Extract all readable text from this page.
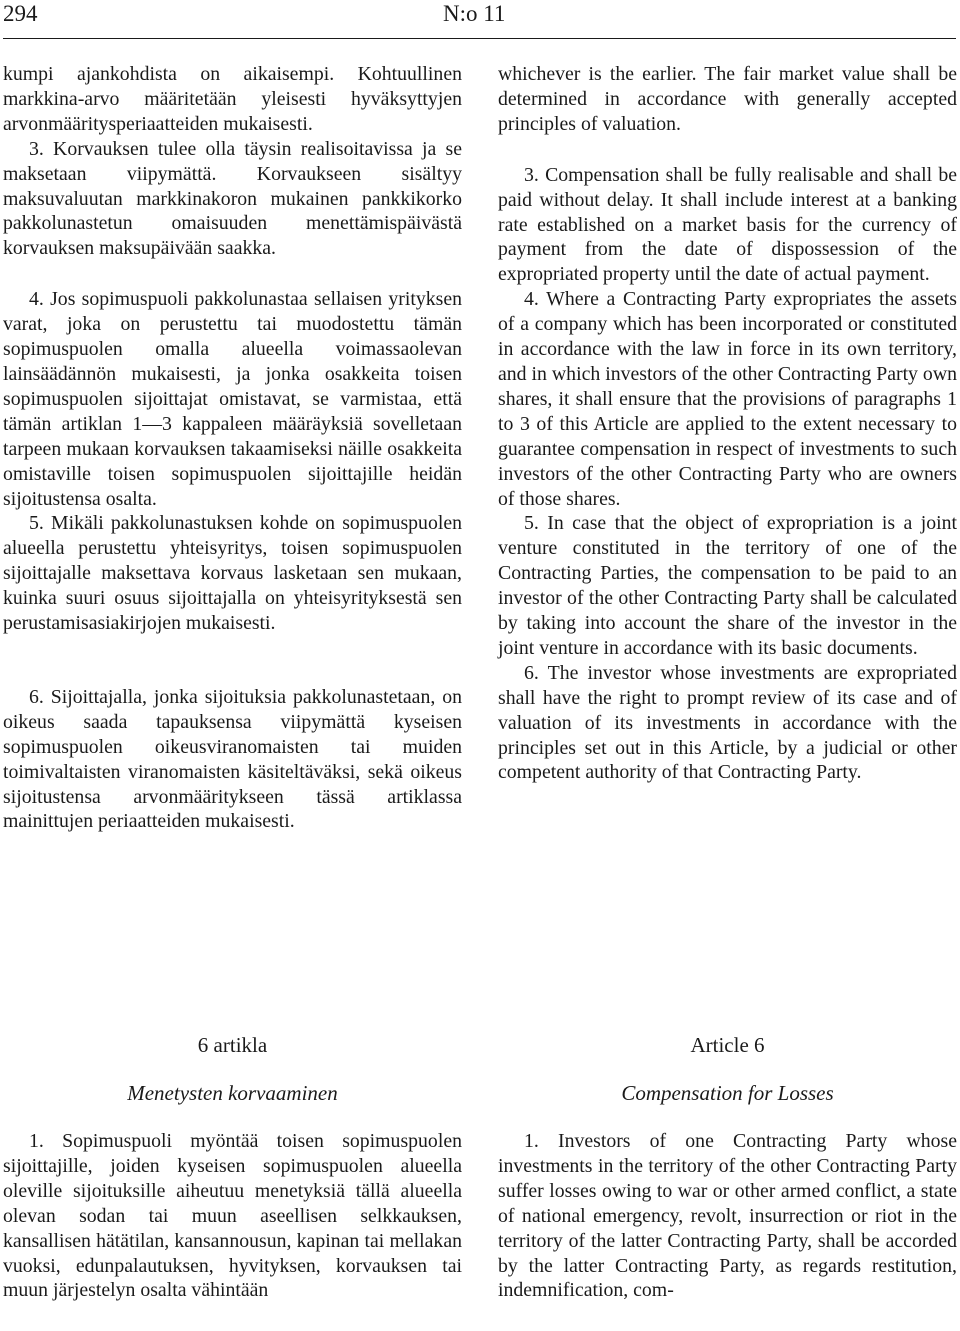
294	N:o 11

kumpi ajankohdista on aikaisempi. Kohtuullinen markkina-arvo määritetään yleisesti hyväksyttyjen arvonmääritysperiaatteiden mukaisesti.

3. Korvauksen tulee olla täysin realisoitavissa ja se maksetaan viipymättä. Korvaukseen sisältyy maksuvaluutan markkinakoron mukainen pankkikorko pakkolunastetun omaisuuden menettämispäivästä korvauksen maksupäivään saakka.

4. Jos sopimuspuoli pakkolunastaa sellaisen yrityksen varat, joka on perustettu tai muodostettu tämän sopimuspuolen omalla alueella voimassaolevan lainsäädännön mukaisesti, ja jonka osakkeita toisen sopimuspuolen sijoittajat omistavat, se varmistaa, että tämän artiklan 1—3 kappaleen määräyksiä sovelletaan tarpeen mukaan korvauksen takaamiseksi näille osakkeita omistaville toisen sopimuspuolen sijoittajille heidän sijoitustensa osalta.

5. Mikäli pakkolunastuksen kohde on sopimuspuolen alueella perustettu yhteisyritys, toisen sopimuspuolen sijoittajalle maksettava korvaus lasketaan sen mukaan, kuinka suuri osuus sijoittajalla on yhteisyrityksestä sen perustamisasiakirjojen mukaisesti.

6. Sijoittajalla, jonka sijoituksia pakkolunastetaan, on oikeus saada tapauksensa viipymättä kyseisen sopimuspuolen oikeusviranomaisten tai muiden toimivaltaisten viranomaisten käsiteltäväksi, sekä oikeus sijoitustensa arvonmääritykseen tässä artiklassa mainittujen periaatteiden mukaisesti.

whichever is the earlier. The fair market value shall be determined in accordance with generally accepted principles of valuation.

3. Compensation shall be fully realisable and shall be paid without delay. It shall include interest at a banking rate established on a market basis for the currency of payment from the date of dispossession of the expropriated property until the date of actual payment.

4. Where a Contracting Party expropriates the assets of a company which has been incorporated or constituted in accordance with the law in force in its own territory, and in which investors of the other Contracting Party own shares, it shall ensure that the provisions of paragraphs 1 to 3 of this Article are applied to the extent necessary to guarantee compensation in respect of investments to such investors of the other Contracting Party who are owners of those shares.

5. In case that the object of expropriation is a joint venture constituted in the territory of one of the Contracting Parties, the compensation to be paid to an investor of the other Contracting Party shall be calculated by taking into account the share of the investor in the joint venture in accordance with its basic documents.

6. The investor whose investments are expropriated shall have the right to prompt review of its case and of valuation of its investments in accordance with the principles set out in this Article, by a judicial or other competent authority of that Contracting Party.

6 artikla	Article 6
Menetysten korvaaminen	Compensation for Losses

1. Sopimuspuoli myöntää toisen sopimuspuolen sijoittajille, joiden kyseisen sopimuspuolen alueella oleville sijoituksille aiheutuu menetyksiä tällä alueella olevan sodan tai muun aseellisen selkkauksen, kansallisen hätätilan, kansannousun, kapinan tai mellakan vuoksi, edunpalautuksen, hyvityksen, korvauksen tai muun järjestelyn osalta vähintään

1. Investors of one Contracting Party whose investments in the territory of the other Contracting Party suffer losses owing to war or other armed conflict, a state of national emergency, revolt, insurrection or riot in the territory of the latter Contracting Party, shall be accorded by the latter Contracting Party, as regards restitution, indemnification, com-
